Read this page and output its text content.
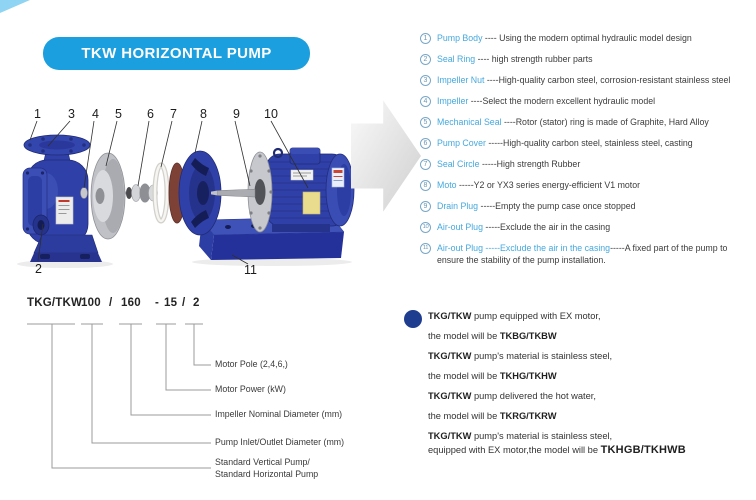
TKW HORIZONTAL PUMP
1 3 4 5 6 7 8 9 10
2	11
1	Pump Body ---- Using the modern optimal hydraulic model design
2	Seal Ring ---- high strength rubber parts
3	Impeller Nut ----High-quality carbon steel, corrosion-resistant stainless steel
4	Impeller ----Select the modern excellent hydraulic model
5	Mechanical Seal ----Rotor (stator) ring is made of Graphite, Hard Alloy
6	Pump Cover -----High-quality carbon steel, stainless steel, casting
7	Seal Circle -----High strength Rubber
8	Moto -----Y2 or YX3 series energy-efficient V1 motor
9	Drain Plug -----Empty the pump case once stopped
10 Air-out Plug -----Exclude the air in the casing
11	Air-out Plug -----Exclude the air in the casing-----A fixed part of the pump to ensure the stability of the pump installation.
TKG/TKW
100 / 160 - 15 / 2
Motor Pole (2,4,6,)
Motor Power (kW)
Impeller Nominal Diameter (mm)
Pump Inlet/Outlet Diameter (mm)
Standard Vertical Pump/
Standard Horizontal Pump
TKG/TKW pump equipped with EX motor,
the model will be TKBG/TKBW
TKG/TKW pump's material is stainless steel,
the model will be TKHG/TKHW
TKG/TKW pump delivered the hot water,
the model will be TKRG/TKRW
TKG/TKW pump's material is stainless steel,
equipped with EX motor,the model will be TKHGB/TKHWB
